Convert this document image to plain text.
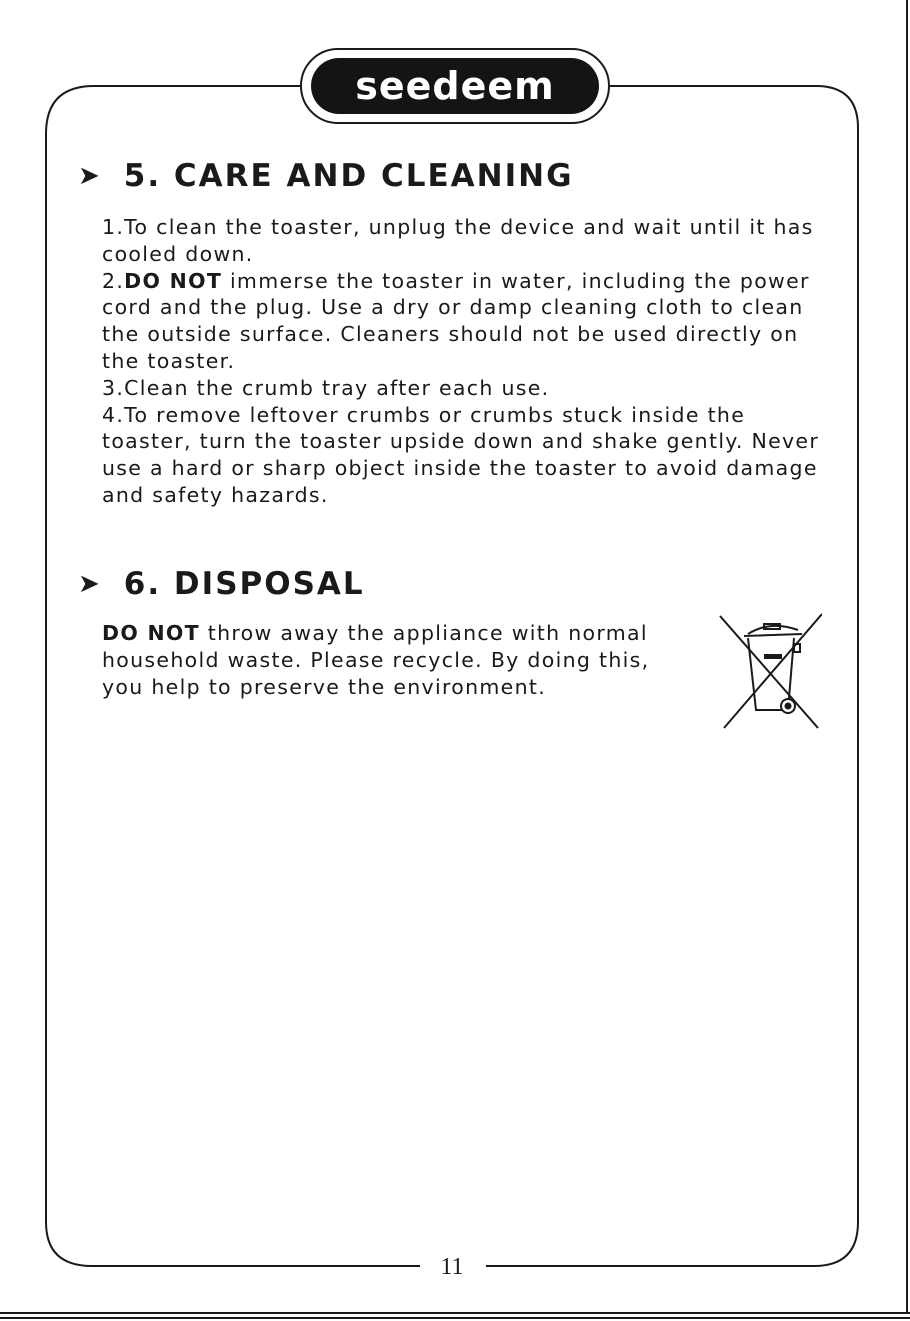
seedeem
➤ 5. CARE AND CLEANING

1.To clean the toaster, unplug the device and wait until it has cooled down.
2.DO NOT immerse the toaster in water, including the power cord and the plug. Use a dry or damp cleaning cloth to clean the outside surface. Cleaners should not be used directly on the toaster.
3.Clean the crumb tray after each use.
4.To remove leftover crumbs or crumbs stuck inside the toaster, turn the toaster upside down and shake gently. Never use a hard or sharp object inside the toaster to avoid damage and safety hazards.

➤ 6. DISPOSAL

DO NOT throw away the appliance with normal household waste. Please recycle. By doing this, you help to preserve the environment.

11
